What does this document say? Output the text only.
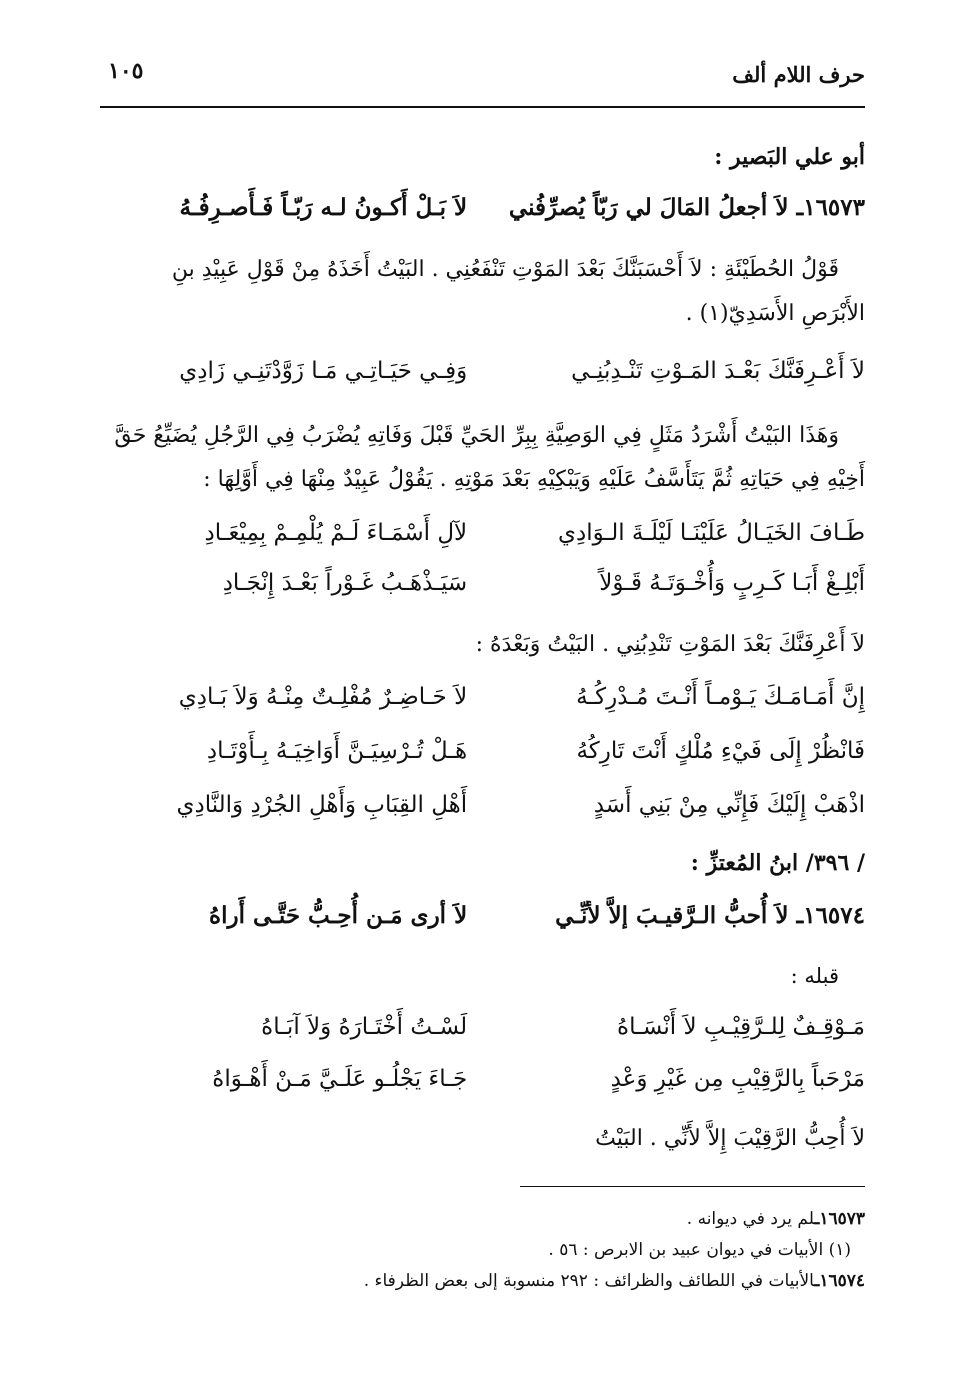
حرف اللام ألف
١٠٥
أبو علي البَصير :
١٦٥٧٣ـ لاَ أجعلُ المَالَ لي رَبّاً يُصرِّفُني
لاَ بَـلْ أَكـونُ لـه رَبّـاً فَـأَصـرِفُـهُ
قَوْلُ الحُطَيْئَةِ : لاَ أَحْسَبَنَّكَ بَعْدَ المَوْتِ تَنْفَعُنِي . البَيْتُ أَخَذَهُ مِنْ قَوْلِ عَبِيْدِ بنِ
الأَبْرَصِ الأَسَدِيّ(١) .
لاَ أَعْـرِفَنَّكَ بَعْـدَ المَـوْتِ تَنْـدِبُنِـي
وَفِـي حَيَـاتِـي مَـا زَوَّدْتَنِـي زَادِي
وَهَذَا البَيْتُ أَشْرَدُ مَثَلٍ فِي الوَصِيَّةِ بِبِرِّ الحَيِّ قَبْلَ وَفَاتِهِ يُضْرَبُ فِي الرَّجُلِ يُضَيِّعُ حَقَّ
أَخِيْهِ فِي حَيَاتِهِ ثُمَّ يَتَأَسَّفُ عَلَيْهِ وَيَبْكِيْهِ بَعْدَ مَوْتِهِ . يَقُوْلُ عَبِيْدٌ مِنْهَا فِي أَوَّلِهَا :
طَـافَ الخَيَـالُ عَلَيْنَـا لَيْلَـةَ الـوَادِي
لآلِ أَسْمَـاءَ لَـمْ يُلْمِـمْ بِمِيْعَـادِ
أَبْلِـغْ أَبَـا كَـرِبٍ وَأُخْـوَتَـهُ قَـوْلاً
سَيَـذْهَـبُ غَـوْراً بَعْـدَ إِنْجَـادِ
لاَ أَعْرِفَنَّكَ بَعْدَ المَوْتِ تَنْدِبُنِي . البَيْتُ وَبَعْدَهُ :
إِنَّ أَمَـامَـكَ يَـوْمـاً أَنْـتَ مُـدْرِكُـهُ
لاَ حَـاضِـرٌ مُفْلِـتٌ مِنْـهُ وَلاَ بَـادِي
فَانْظُرْ إِلَى فَيْءِ مُلْكٍ أَنْتَ تَارِكُهُ
هَـلْ تُـرْسِيَـنَّ أَوَاخِيَـهُ بِـأَوْتَـادِ
اذْهَبْ إِلَيْكَ فَإِنِّي مِنْ بَنِي أَسَدٍ
أَهْلِ القِبَابِ وَأَهْلِ الجُرْدِ وَالنَّادِي
/ ٣٩٦/ ابنُ المُعتزِّ :
١٦٥٧٤ـ لاَ أُحبُّ الـرَّقيـبَ إلاَّ لأنِّـي
لاَ أرى مَـن أُحِـبُّ حَتَّـى أَراهُ
قبله :
مَـوْقِـفٌ لِلـرَّقِيْـبِ لاَ أَنْسَـاهُ
لَسْـتُ أَخْتَـارَهُ وَلاَ آبَـاهُ
مَرْحَباً بِالرَّقِيْبِ مِن غَيْرِ وَعْدٍ
جَـاءَ يَجْلُـو عَلَـيَّ مَـنْ أَهْـوَاهُ
لاَ أُحِبُّ الرَّقِيْبَ إِلاَّ لأَنِّي . البَيْتُ
١٦٥٧٣ـلم يرد في ديوانه .
(١) الأبيات في ديوان عبيد بن الابرص : ٥٦ .
١٦٥٧٤ـالأبيات في اللطائف والظرائف : ٢٩٢ منسوبة إلى بعض الظرفاء .
